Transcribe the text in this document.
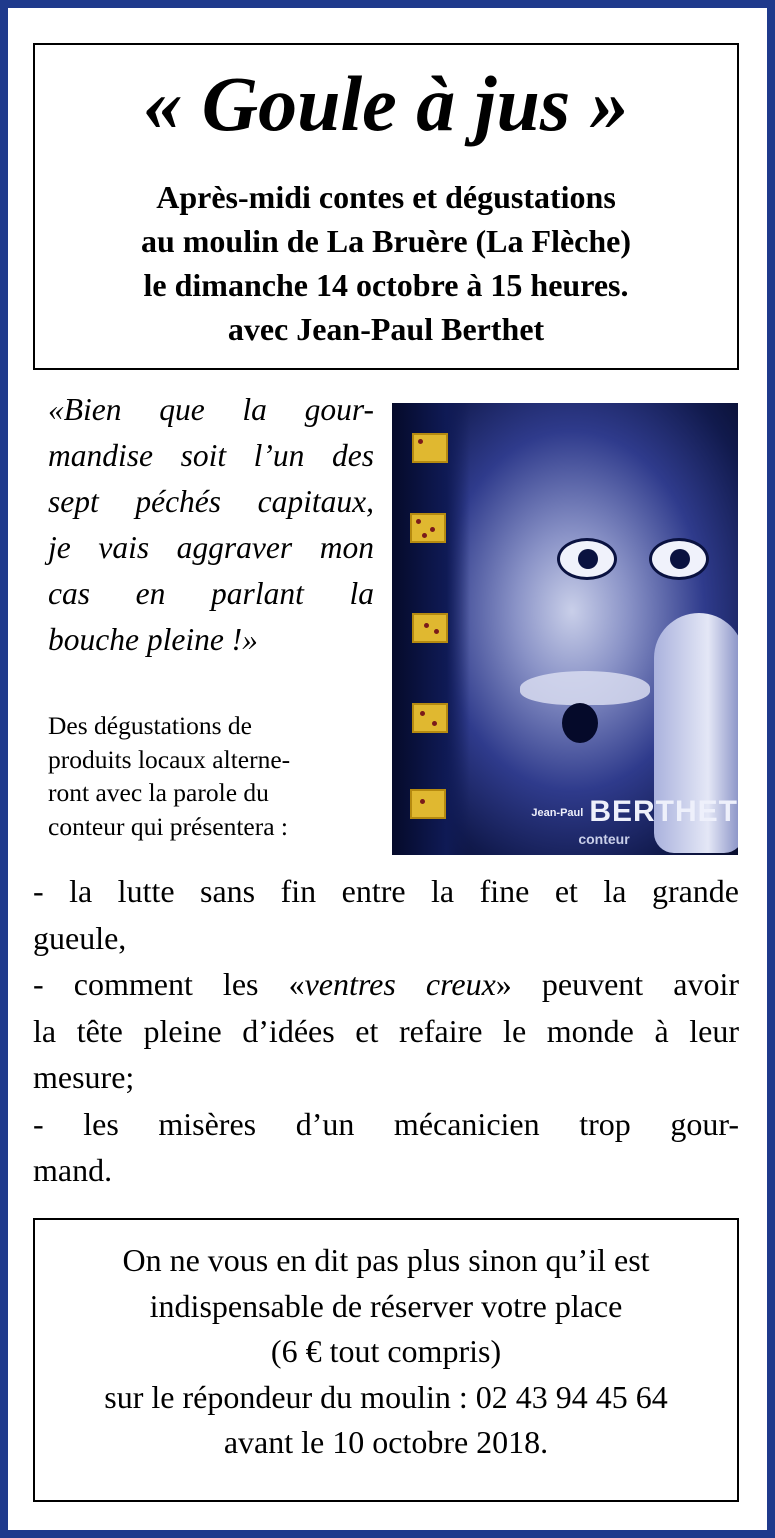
« Goule à jus »
Après-midi contes et dégustations
au moulin de La Bruère (La Flèche)
le dimanche 14 octobre à 15 heures.
avec Jean-Paul Berthet
«Bien que la gour-
mandise soit l’un des
sept péchés capitaux,
je vais aggraver mon
cas en parlant la
bouche pleine !»
Jean-Paul BERTHET
conteur
Des dégustations de
produits locaux alterne-
ront avec la parole du
conteur qui présentera :

- la lutte sans fin entre la fine et la grande
gueule,

- comment les «ventres creux» peuvent avoir
la tête pleine d’idées et refaire le monde à leur
mesure;

- les misères d’un mécanicien trop gour-
mand.

On ne vous en dit pas plus sinon qu’il est
indispensable de réserver votre place
(6 € tout compris)
sur le répondeur du moulin : 02 43 94 45 64
avant le 10 octobre 2018.
